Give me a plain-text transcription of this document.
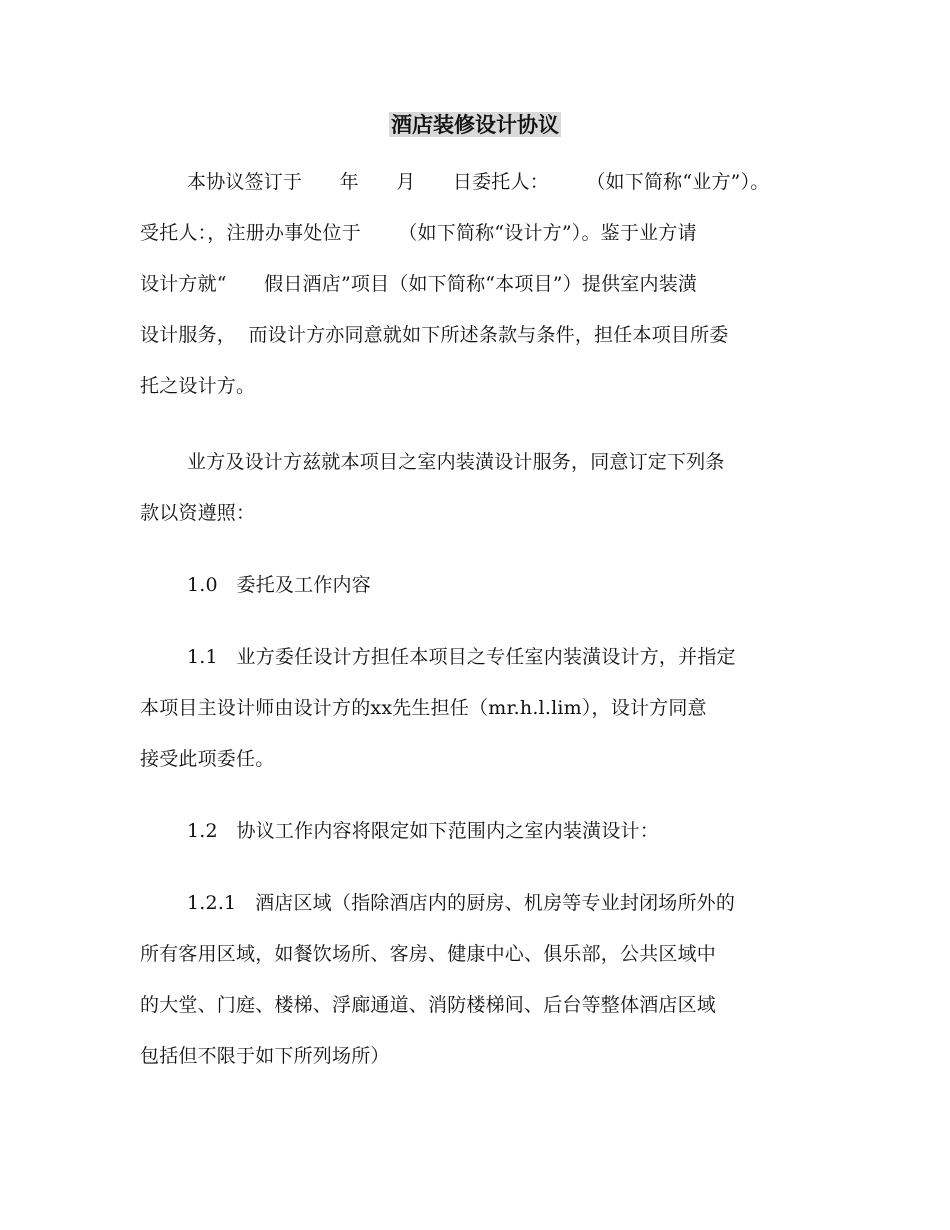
酒店装修设计协议
本协议签订于      年      月      日委托人：      （如下简称“业方”）。
受托人：，注册办事处位于      （如下简称“设计方”）。鉴于业方请
设计方就“      假日酒店”项目（如下简称“本项目”）提供室内装潢
设计服务，  而设计方亦同意就如下所述条款与条件，担任本项目所委
托之设计方。
业方及设计方兹就本项目之室内装潢设计服务，同意订定下列条
款以资遵照：
1.0   委托及工作内容
1.1   业方委任设计方担任本项目之专任室内装潢设计方，并指定
本项目主设计师由设计方的xx先生担任（mr.h.l.lim），设计方同意
接受此项委任。
1.2   协议工作内容将限定如下范围内之室内装潢设计：
1.2.1   酒店区域（指除酒店内的厨房、机房等专业封闭场所外的
所有客用区域，如餐饮场所、客房、健康中心、俱乐部，公共区域中
的大堂、门庭、楼梯、浮廊通道、消防楼梯间、后台等整体酒店区域
包括但不限于如下所列场所）
